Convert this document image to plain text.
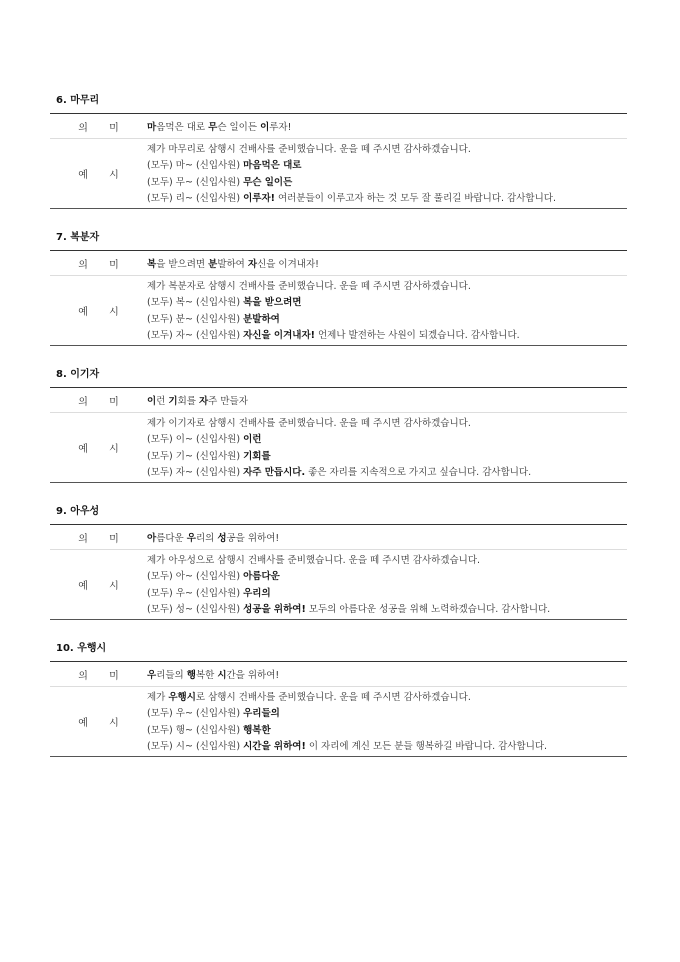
6. 마무리
의 미	마음먹은 대로 무슨 일이든 이루자!
예 시
제가 마무리로 삼행시 건배사를 준비했습니다. 운을 떼 주시면 감사하겠습니다.
(모두) 마~ (신입사원) 마음먹은 대로
(모두) 무~ (신입사원) 무슨 일이든
(모두) 리~ (신입사원) 이루자! 여러분들이 이루고자 하는 것 모두 잘 풀리길 바랍니다. 감사합니다.
7. 복분자
의 미	복을 받으려면 분발하여 자신을 이겨내자!
예 시
제가 복분자로 삼행시 건배사를 준비했습니다. 운을 떼 주시면 감사하겠습니다.
(모두) 복~ (신입사원) 복을 받으려면
(모두) 분~ (신입사원) 분발하여
(모두) 자~ (신입사원) 자신을 이겨내자! 언제나 발전하는 사원이 되겠습니다. 감사합니다.
8. 이기자
의 미	이런 기회를 자주 만들자
예 시
제가 이기자로 삼행시 건배사를 준비했습니다. 운을 떼 주시면 감사하겠습니다.
(모두) 이~ (신입사원) 이런
(모두) 기~ (신입사원) 기회를
(모두) 자~ (신입사원) 자주 만듭시다. 좋은 자리를 지속적으로 가지고 싶습니다. 감사합니다.
9. 아우성
의 미	아름다운 우리의 성공을 위하여!
예 시
제가 아우성으로 삼행시 건배사를 준비했습니다. 운을 떼 주시면 감사하겠습니다.
(모두) 아~ (신입사원) 아름다운
(모두) 우~ (신입사원) 우리의
(모두) 성~ (신입사원) 성공을 위하여! 모두의 아름다운 성공을 위해 노력하겠습니다. 감사합니다.
10. 우행시
의 미	우리들의 행복한 시간을 위하여!
예 시
제가 우행시로 삼행시 건배사를 준비했습니다. 운을 떼 주시면 감사하겠습니다.
(모두) 우~ (신입사원) 우리들의
(모두) 행~ (신입사원) 행복한
(모두) 시~ (신입사원) 시간을 위하여! 이 자리에 계신 모든 분들 행복하길 바랍니다. 감사합니다.
